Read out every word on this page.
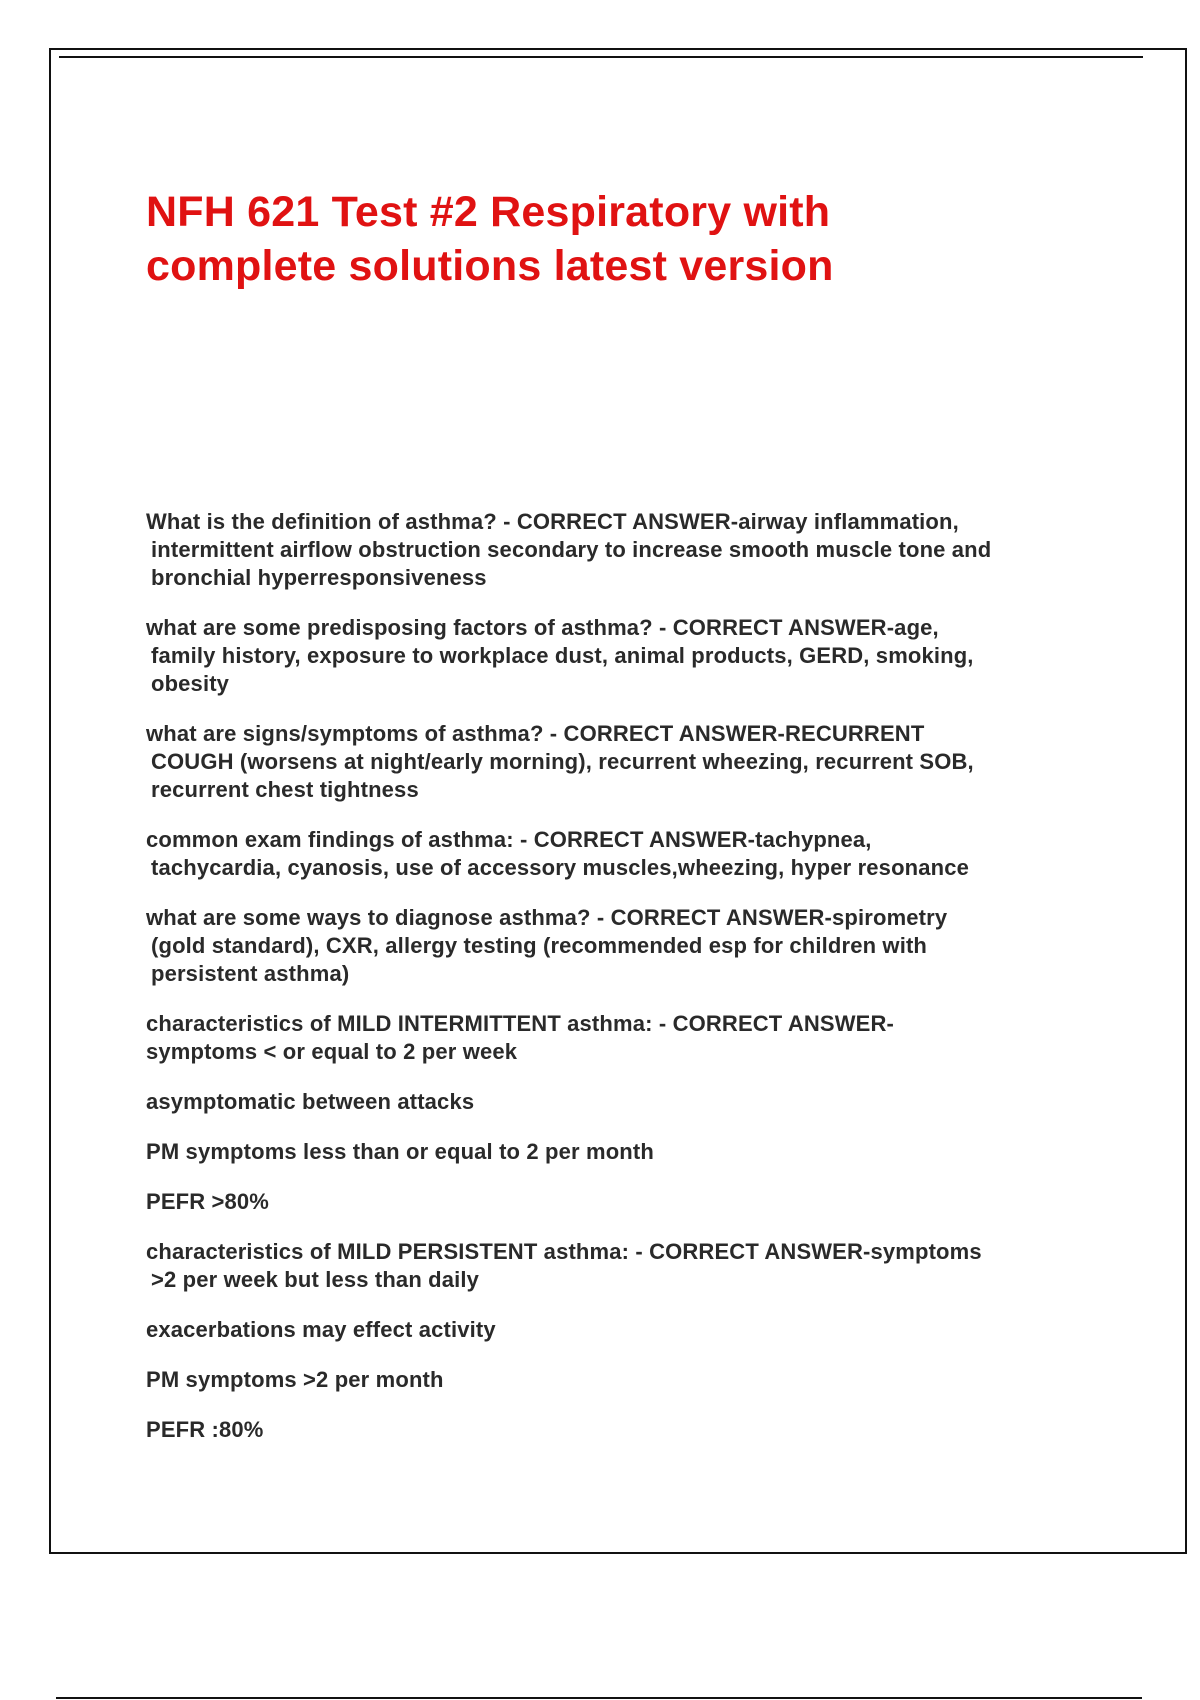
NFH 621 Test #2 Respiratory with
complete solutions latest version

What is the definition of asthma? - CORRECT ANSWER-airway inflammation,
intermittent airflow obstruction secondary to increase smooth muscle tone and
bronchial hyperresponsiveness

what are some predisposing factors of asthma? - CORRECT ANSWER-age,
family history, exposure to workplace dust, animal products, GERD, smoking,
obesity

what are signs/symptoms of asthma? - CORRECT ANSWER-RECURRENT
COUGH (worsens at night/early morning), recurrent wheezing, recurrent SOB,
recurrent chest tightness

common exam findings of asthma: - CORRECT ANSWER-tachypnea,
tachycardia, cyanosis, use of accessory muscles,wheezing, hyper resonance

what are some ways to diagnose asthma? - CORRECT ANSWER-spirometry
(gold standard), CXR, allergy testing (recommended esp for children with
persistent asthma)

characteristics of MILD INTERMITTENT asthma: - CORRECT ANSWER-
symptoms < or equal to 2 per week

asymptomatic between attacks

PM symptoms less than or equal to 2 per month

PEFR >80%

characteristics of MILD PERSISTENT asthma: - CORRECT ANSWER-symptoms
>2 per week but less than daily

exacerbations may effect activity

PM symptoms >2 per month

PEFR :80%
